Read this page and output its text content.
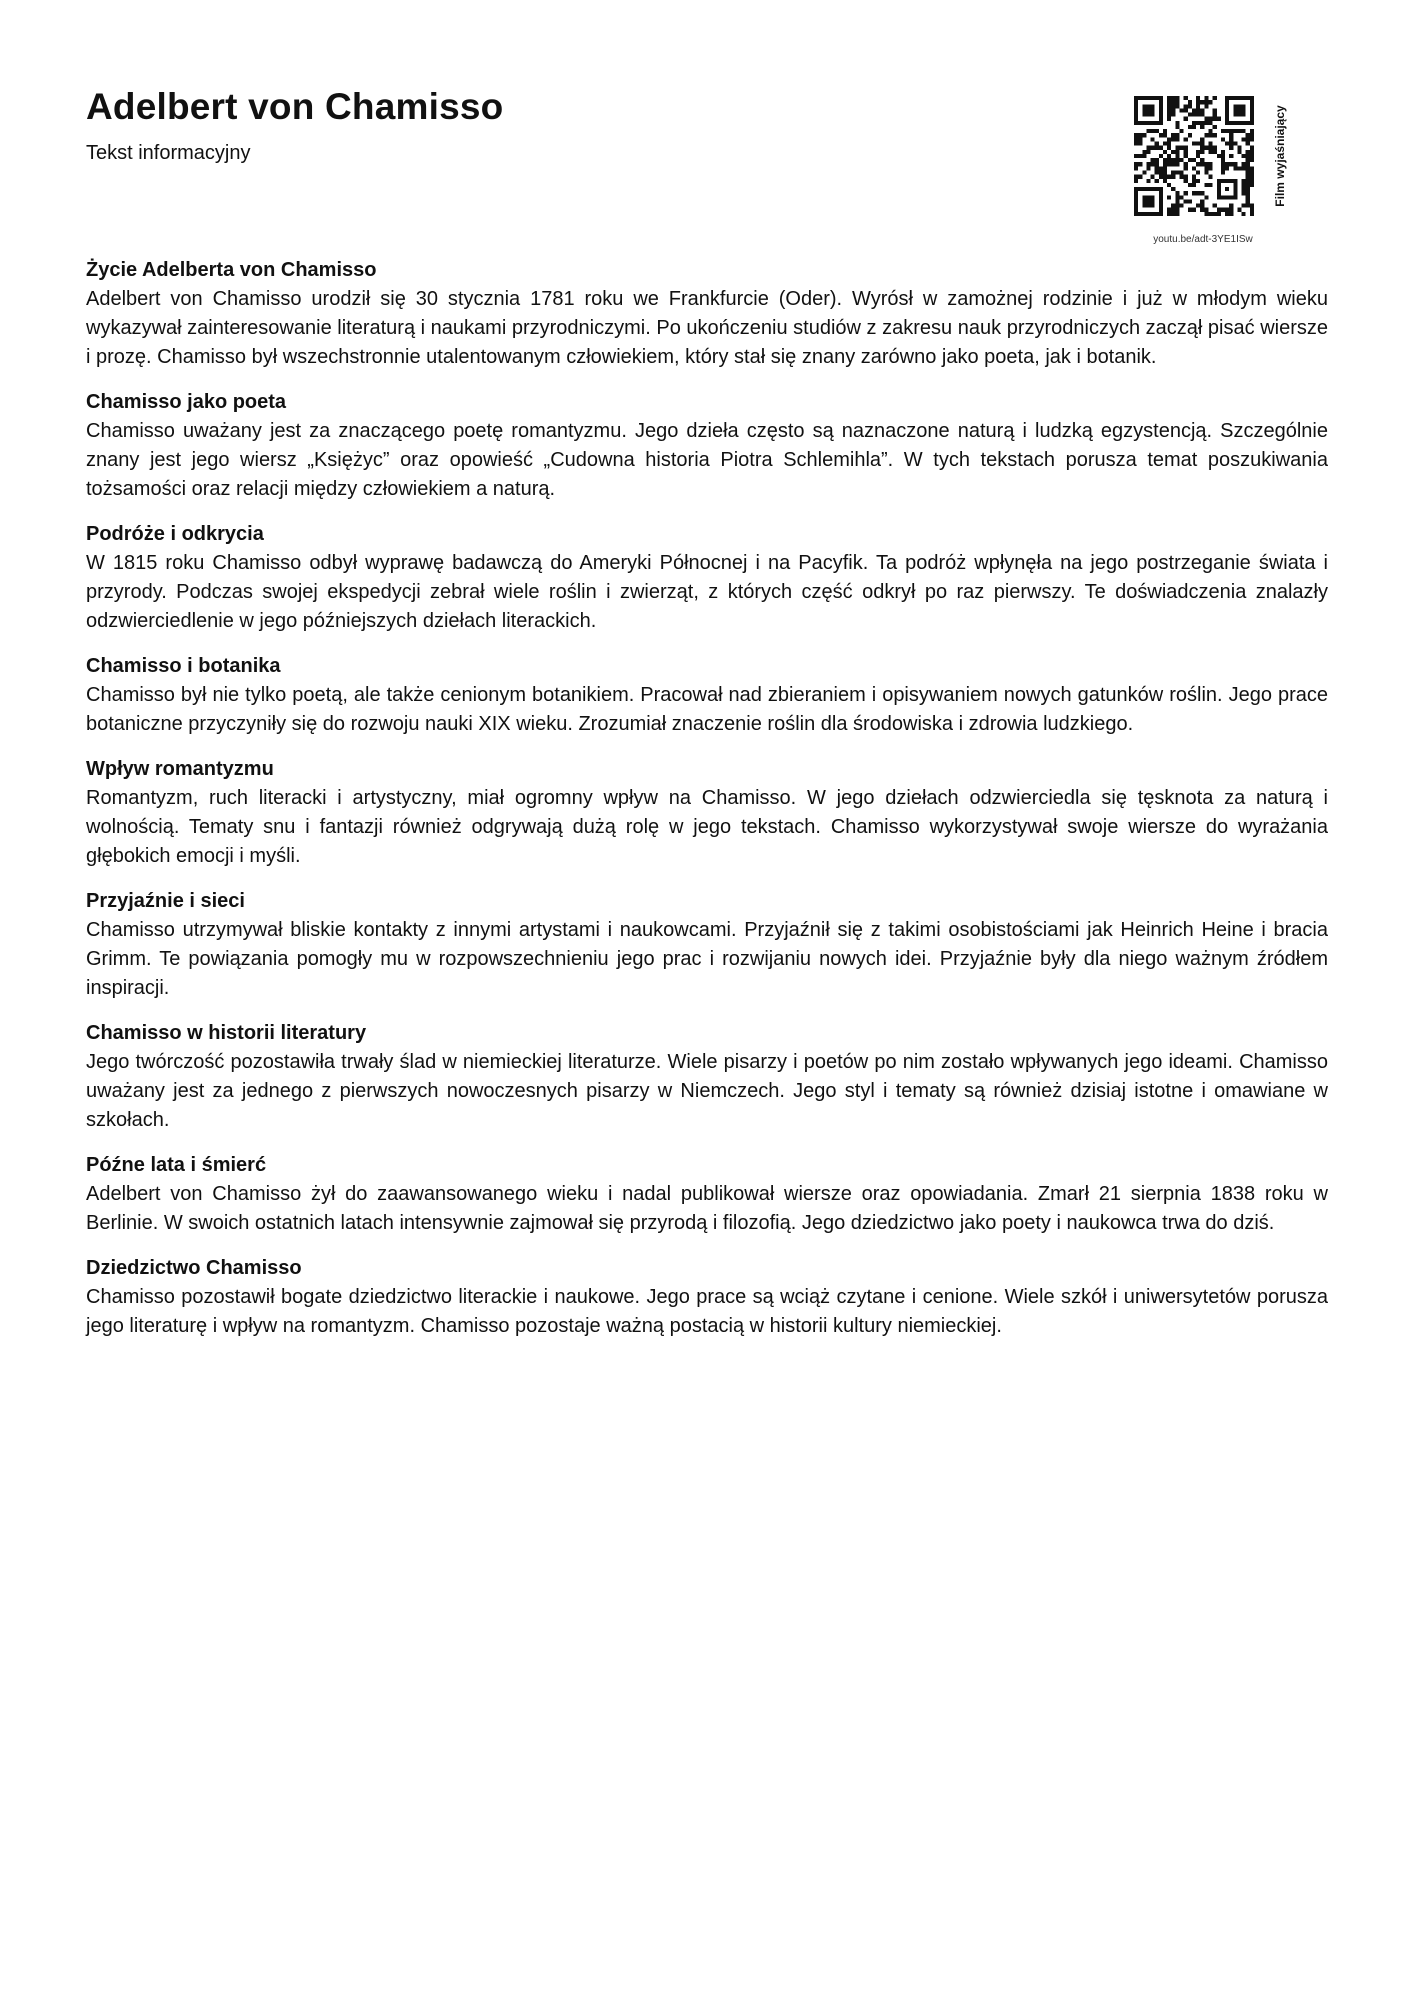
Adelbert von Chamisso
Tekst informacyjny
youtu.be/adt-3YE1ISw
Film wyjaśniający
Życie Adelberta von Chamisso

Adelbert von Chamisso urodził się 30 stycznia 1781 roku we Frankfurcie (Oder). Wyrósł w zamożnej rodzinie i już w młodym wieku wykazywał zainteresowanie literaturą i naukami przyrodniczymi. Po ukończeniu studiów z zakresu nauk przyrodniczych zaczął pisać wiersze i prozę. Chamisso był wszechstronnie utalentowanym człowiekiem, który stał się znany zarówno jako poeta, jak i botanik.

Chamisso jako poeta

Chamisso uważany jest za znaczącego poetę romantyzmu. Jego dzieła często są naznaczone naturą i ludzką egzystencją. Szczególnie znany jest jego wiersz „Księżyc” oraz opowieść „Cudowna historia Piotra Schlemihla”. W tych tekstach porusza temat poszukiwania tożsamości oraz relacji między człowiekiem a naturą.

Podróże i odkrycia

W 1815 roku Chamisso odbył wyprawę badawczą do Ameryki Północnej i na Pacyfik. Ta podróż wpłynęła na jego postrzeganie świata i przyrody. Podczas swojej ekspedycji zebrał wiele roślin i zwierząt, z których część odkrył po raz pierwszy. Te doświadczenia znalazły odzwierciedlenie w jego późniejszych dziełach literackich.

Chamisso i botanika

Chamisso był nie tylko poetą, ale także cenionym botanikiem. Pracował nad zbieraniem i opisywaniem nowych gatunków roślin. Jego prace botaniczne przyczyniły się do rozwoju nauki XIX wieku. Zrozumiał znaczenie roślin dla środowiska i zdrowia ludzkiego.

Wpływ romantyzmu

Romantyzm, ruch literacki i artystyczny, miał ogromny wpływ na Chamisso. W jego dziełach odzwierciedla się tęsknota za naturą i wolnością. Tematy snu i fantazji również odgrywają dużą rolę w jego tekstach. Chamisso wykorzystywał swoje wiersze do wyrażania głębokich emocji i myśli.

Przyjaźnie i sieci

Chamisso utrzymywał bliskie kontakty z innymi artystami i naukowcami. Przyjaźnił się z takimi osobistościami jak Heinrich Heine i bracia Grimm. Te powiązania pomogły mu w rozpowszechnieniu jego prac i rozwijaniu nowych idei. Przyjaźnie były dla niego ważnym źródłem inspiracji.

Chamisso w historii literatury

Jego twórczość pozostawiła trwały ślad w niemieckiej literaturze. Wiele pisarzy i poetów po nim zostało wpływanych jego ideami. Chamisso uważany jest za jednego z pierwszych nowoczesnych pisarzy w Niemczech. Jego styl i tematy są również dzisiaj istotne i omawiane w szkołach.

Późne lata i śmierć

Adelbert von Chamisso żył do zaawansowanego wieku i nadal publikował wiersze oraz opowiadania. Zmarł 21 sierpnia 1838 roku w Berlinie. W swoich ostatnich latach intensywnie zajmował się przyrodą i filozofią. Jego dziedzictwo jako poety i naukowca trwa do dziś.

Dziedzictwo Chamisso

Chamisso pozostawił bogate dziedzictwo literackie i naukowe. Jego prace są wciąż czytane i cenione. Wiele szkół i uniwersytetów porusza jego literaturę i wpływ na romantyzm. Chamisso pozostaje ważną postacią w historii kultury niemieckiej.
